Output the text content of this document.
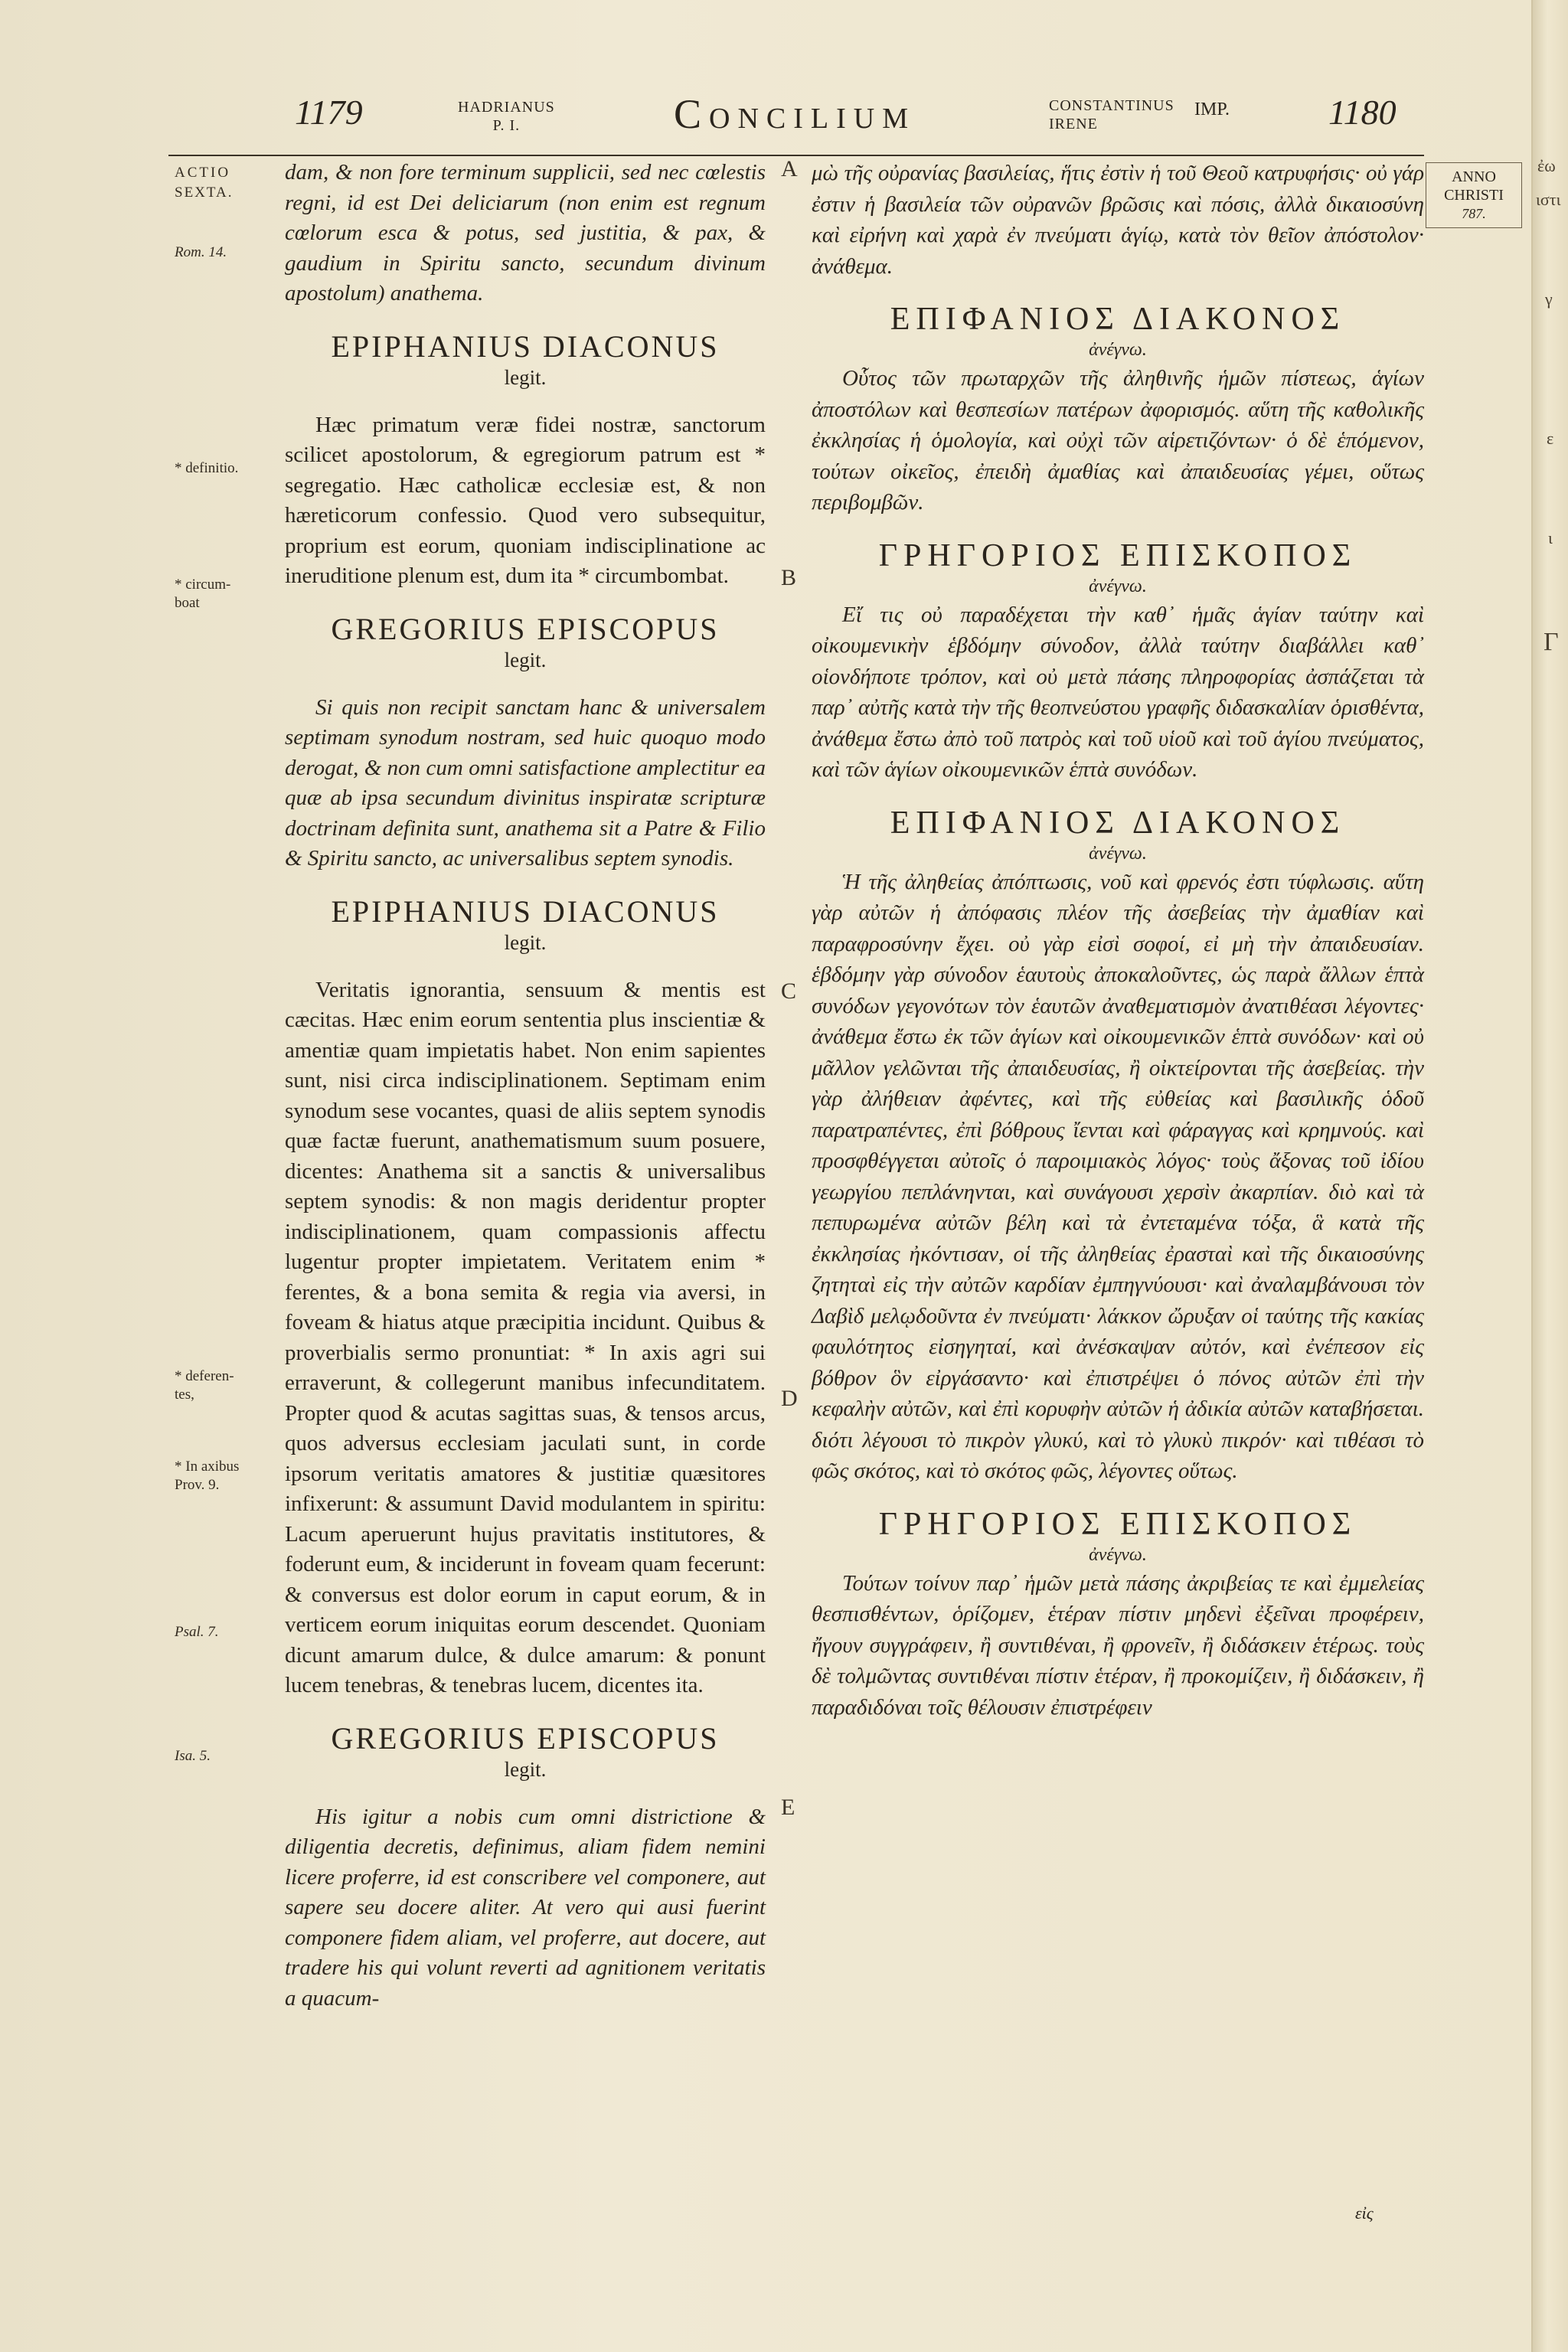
1179	HADRIANUS
P. I.	Concilium	CONSTANTINUS
IRENE
IMP.	1180
ANNO
CHRISTI
787.
ACTIO
SEXTA.
Rom. 14.
* definitio.
* circum-
boat
* deferen-
tes,
* In axibus
Prov. 9.
Psal. 7.
Isa. 5.
A
B
C
D
E

dam, & non fore terminum supplicii, sed nec cœlestis regni, id est Dei deliciarum (non enim est regnum cœlorum esca & potus, sed justitia, & pax, & gaudium in Spiritu sancto, secundum divinum apostolum) anathema.

EPIPHANIUS DIACONUS

legit.

Hæc primatum veræ fidei nostræ, sanctorum scilicet apostolorum, & egregiorum patrum est * segregatio. Hæc catholicæ ecclesiæ est, & non hæreticorum confessio. Quod vero subsequitur, proprium est eorum, quoniam indisciplinatione ac ineruditione plenum est, dum ita * circumbombat.

GREGORIUS EPISCOPUS

legit.

Si quis non recipit sanctam hanc & universalem septimam synodum nostram, sed huic quoquo modo derogat, & non cum omni satisfactione amplectitur ea quæ ab ipsa secundum divinitus inspiratæ scripturæ doctrinam definita sunt, anathema sit a Patre & Filio & Spiritu sancto, ac universalibus septem synodis.

EPIPHANIUS DIACONUS

legit.

Veritatis ignorantia, sensuum & mentis est cæcitas. Hæc enim eorum sententia plus inscientiæ & amentiæ quam impietatis habet. Non enim sapientes sunt, nisi circa indisciplinationem. Septimam enim synodum sese vocantes, quasi de aliis septem synodis quæ factæ fuerunt, anathematismum suum posuere, dicentes: Anathema sit a sanctis & universalibus septem synodis: & non magis deridentur propter indisciplinationem, quam compassionis affectu lugentur propter impietatem. Veritatem enim * ferentes, & a bona semita & regia via aversi, in foveam & hiatus atque præcipitia incidunt. Quibus & proverbialis sermo pronuntiat: * In axis agri sui erraverunt, & collegerunt manibus infecunditatem. Propter quod & acutas sagittas suas, & tensos arcus, quos adversus ecclesiam jaculati sunt, in corde ipsorum veritatis amatores & justitiæ quæsitores infixerunt: & assumunt David modulantem in spiritu: Lacum aperuerunt hujus pravitatis institutores, & foderunt eum, & inciderunt in foveam quam fecerunt: & conversus est dolor eorum in caput eorum, & in verticem eorum iniquitas eorum descendet. Quoniam dicunt amarum dulce, & dulce amarum: & ponunt lucem tenebras, & tenebras lucem, dicentes ita.

GREGORIUS EPISCOPUS

legit.

His igitur a nobis cum omni districtione & diligentia decretis, definimus, aliam fidem nemini licere proferre, id est conscribere vel componere, aut sapere seu docere aliter. At vero qui ausi fuerint componere fidem aliam, vel proferre, aut docere, aut tradere his qui volunt reverti ad agnitionem veritatis a quacum-

μὼ τῆς οὐρανίας βασιλείας, ἥτις ἐστὶν ἡ τοῦ Θεοῦ κατρυφήσις· οὐ γάρ ἐστιν ἡ βασιλεία τῶν οὐρανῶν βρῶσις καὶ πόσις, ἀλλὰ δικαιοσύνη καὶ εἰρήνη καὶ χαρὰ ἐν πνεύματι ἁγίῳ, κατὰ τὸν θεῖον ἀπόστολον· ἀνάθεμα.

ΕΠΙΦΑΝΙΟΣ ΔΙΑΚΟΝΟΣ

ἀνέγνω.

Οὗτος τῶν πρωταρχῶν τῆς ἀληθινῆς ἡμῶν πίστεως, ἁγίων ἀποστόλων καὶ θεσπεσίων πατέρων ἀφορισμός. αὕτη τῆς καθολικῆς ἐκκλησίας ἡ ὁμολογία, καὶ οὐχὶ τῶν αἱρετιζόντων· ὁ δὲ ἑπόμενον, τούτων οἰκεῖος, ἐπειδὴ ἀμαθίας καὶ ἀπαιδευσίας γέμει, οὕτως περιβομβῶν.

ΓΡΗΓΟΡΙΟΣ ΕΠΙΣΚΟΠΟΣ

ἀνέγνω.

Εἴ τις οὐ παραδέχεται τὴν καθ᾽ ἡμᾶς ἁγίαν ταύτην καὶ οἰκουμενικὴν ἑβδόμην σύνοδον, ἀλλὰ ταύτην διαβάλλει καθ᾽ οἱονδήποτε τρόπον, καὶ οὐ μετὰ πάσης πληροφορίας ἀσπάζεται τὰ παρ᾽ αὐτῆς κατὰ τὴν τῆς θεοπνεύστου γραφῆς διδασκαλίαν ὁρισθέντα, ἀνάθεμα ἔστω ἀπὸ τοῦ πατρὸς καὶ τοῦ υἱοῦ καὶ τοῦ ἁγίου πνεύματος, καὶ τῶν ἁγίων οἰκουμενικῶν ἑπτὰ συνόδων.

ΕΠΙΦΑΝΙΟΣ ΔΙΑΚΟΝΟΣ

ἀνέγνω.

Ἡ τῆς ἀληθείας ἀπόπτωσις, νοῦ καὶ φρενός ἐστι τύφλωσις. αὕτη γὰρ αὐτῶν ἡ ἀπόφασις πλέον τῆς ἀσεβείας τὴν ἀμαθίαν καὶ παραφροσύνην ἔχει. οὐ γὰρ εἰσὶ σοφοί, εἰ μὴ τὴν ἀπαιδευσίαν. ἑβδόμην γὰρ σύνοδον ἑαυτοὺς ἀποκαλοῦντες, ὡς παρὰ ἄλλων ἑπτὰ συνόδων γεγονότων τὸν ἑαυτῶν ἀναθεματισμὸν ἀνατιθέασι λέγοντες· ἀνάθεμα ἔστω ἐκ τῶν ἁγίων καὶ οἰκουμενικῶν ἑπτὰ συνόδων· καὶ οὐ μᾶλλον γελῶνται τῆς ἀπαιδευσίας, ἢ οἰκτείρονται τῆς ἀσεβείας. τὴν γὰρ ἀλήθειαν ἀφέντες, καὶ τῆς εὐθείας καὶ βασιλικῆς ὁδοῦ παρατραπέντες, ἐπὶ βόθρους ἴενται καὶ φάραγγας καὶ κρημνούς. καὶ προσφθέγγεται αὐτοῖς ὁ παροιμιακὸς λόγος· τοὺς ἄξονας τοῦ ἰδίου γεωργίου πεπλάνηνται, καὶ συνάγουσι χερσὶν ἀκαρπίαν. διὸ καὶ τὰ πεπυρωμένα αὐτῶν βέλη καὶ τὰ ἐντεταμένα τόξα, ἃ κατὰ τῆς ἐκκλησίας ἠκόντισαν, οἱ τῆς ἀληθείας ἐρασταὶ καὶ τῆς δικαιοσύνης ζητηταὶ εἰς τὴν αὐτῶν καρδίαν ἐμπηγνύουσι· καὶ ἀναλαμβάνουσι τὸν Δαβὶδ μελῳδοῦντα ἐν πνεύματι· λάκκον ὤρυξαν οἱ ταύτης τῆς κακίας φαυλότητος εἰσηγηταί, καὶ ἀνέσκαψαν αὐτόν, καὶ ἐνέπεσον εἰς βόθρον ὃν εἰργάσαντο· καὶ ἐπιστρέψει ὁ πόνος αὐτῶν ἐπὶ τὴν κεφαλὴν αὐτῶν, καὶ ἐπὶ κορυφὴν αὐτῶν ἡ ἀδικία αὐτῶν καταβήσεται. διότι λέγουσι τὸ πικρὸν γλυκύ, καὶ τὸ γλυκὺ πικρόν· καὶ τιθέασι τὸ φῶς σκότος, καὶ τὸ σκότος φῶς, λέγοντες οὕτως.

ΓΡΗΓΟΡΙΟΣ ΕΠΙΣΚΟΠΟΣ

ἀνέγνω.

Τούτων τοίνυν παρ᾽ ἡμῶν μετὰ πάσης ἀκριβείας τε καὶ ἐμμελείας θεσπισθέντων, ὁρίζομεν, ἑτέραν πίστιν μηδενὶ ἐξεῖναι προφέρειν, ἤγουν συγγράφειν, ἢ συντιθέναι, ἢ φρονεῖν, ἢ διδάσκειν ἑτέρως. τοὺς δὲ τολμῶντας συντιθέναι πίστιν ἑτέραν, ἢ προκομίζειν, ἢ διδάσκειν, ἢ παραδιδόναι τοῖς θέλουσιν ἐπιστρέφειν

εἰς
ἐω
ιστι
γ
ε
ι
Γ
